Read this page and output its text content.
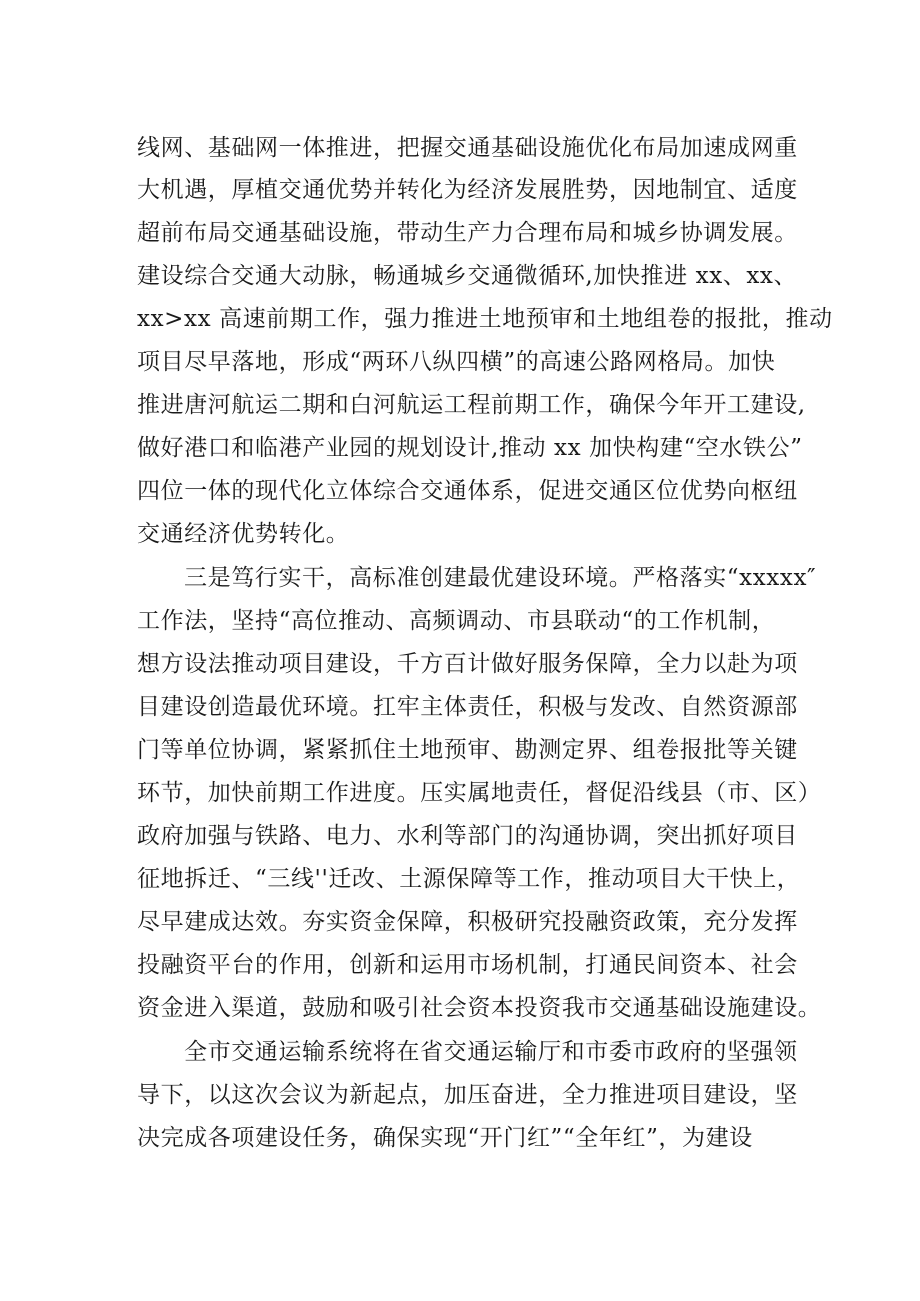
线网、基础网一体推进，把握交通基础设施优化布局加速成网重
大机遇，厚植交通优势并转化为经济发展胜势，因地制宜、适度
超前布局交通基础设施，带动生产力合理布局和城乡协调发展。
建设综合交通大动脉，畅通城乡交通微循环,加快推进 xx、xx、
xx>xx 高速前期工作，强力推进土地预审和土地组卷的报批，推动
项目尽早落地，形成“两环八纵四横”的高速公路网格局。加快
推进唐河航运二期和白河航运工程前期工作，确保今年开工建设,
做好港口和临港产业园的规划设计,推动 xx 加快构建“空水铁公”
四位一体的现代化立体综合交通体系，促进交通区位优势向枢纽
交通经济优势转化。
三是笃行实干，高标准创建最优建设环境。严格落实“xxxxx″
工作法，坚持“高位推动、高频调动、市县联动“的工作机制，
想方设法推动项目建设，千方百计做好服务保障，全力以赴为项
目建设创造最优环境。扛牢主体责任，积极与发改、自然资源部
门等单位协调，紧紧抓住土地预审、勘测定界、组卷报批等关键
环节，加快前期工作进度。压实属地责任，督促沿线县（市、区）
政府加强与铁路、电力、水利等部门的沟通协调，突出抓好项目
征地拆迁、“三线''迁改、土源保障等工作，推动项目大干快上，
尽早建成达效。夯实资金保障，积极研究投融资政策，充分发挥
投融资平台的作用，创新和运用市场机制，打通民间资本、社会
资金进入渠道，鼓励和吸引社会资本投资我市交通基础设施建设。
全市交通运输系统将在省交通运输厅和市委市政府的坚强领
导下，以这次会议为新起点，加压奋进，全力推进项目建设，坚
决完成各项建设任务，确保实现“开门红”“全年红”，为建设
